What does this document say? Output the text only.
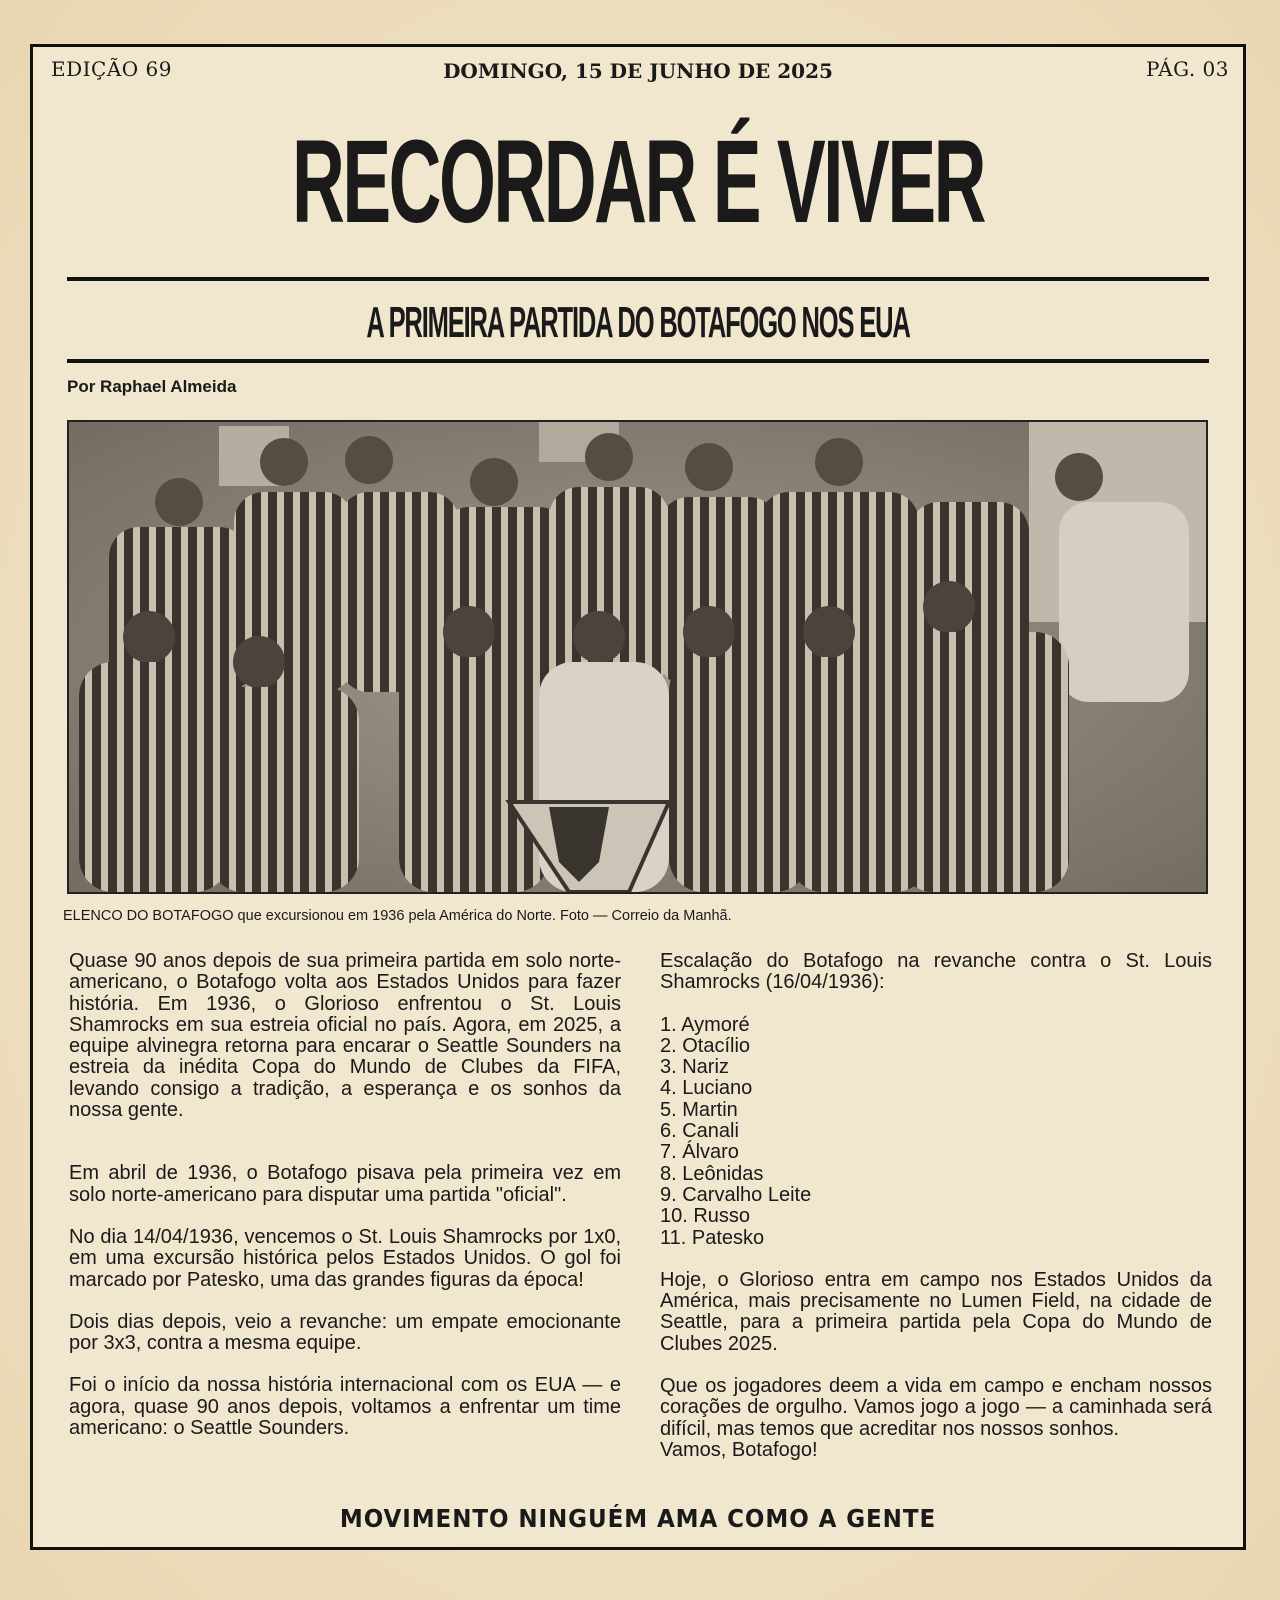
EDIÇÃO 69	DOMINGO, 15 DE JUNHO DE 2025	PÁG. 03
RECORDAR É VIVER
A PRIMEIRA PARTIDA DO BOTAFOGO NOS EUA
Por Raphael Almeida
ELENCO DO BOTAFOGO que excursionou em 1936 pela América do Norte. Foto — Correio da Manhã.

Quase 90 anos depois de sua primeira partida em solo norte-americano, o Botafogo volta aos Estados Unidos para fazer história. Em 1936, o Glorioso enfrentou o St. Louis Shamrocks em sua estreia oficial no país. Agora, em 2025, a equipe alvinegra retorna para encarar o Seattle Sounders na estreia da inédita Copa do Mundo de Clubes da FIFA, levando consigo a tradição, a esperança e os sonhos da nossa gente.

Em abril de 1936, o Botafogo pisava pela primeira vez em solo norte-americano para disputar uma partida "oficial".

No dia 14/04/1936, vencemos o St. Louis Shamrocks por 1x0, em uma excursão histórica pelos Estados Unidos. O gol foi marcado por Patesko, uma das grandes figuras da época!

Dois dias depois, veio a revanche: um empate emocionante por 3x3, contra a mesma equipe.

Foi o início da nossa história internacional com os EUA — e agora, quase 90 anos depois, voltamos a enfrentar um time americano: o Seattle Sounders.

Escalação do Botafogo na revanche contra o St. Louis Shamrocks (16/04/1936):

1. Aymoré
2. Otacílio
3. Nariz
4. Luciano
5. Martin
6. Canali
7. Álvaro
8. Leônidas
9. Carvalho Leite
10. Russo
11. Patesko

Hoje, o Glorioso entra em campo nos Estados Unidos da América, mais precisamente no Lumen Field, na cidade de Seattle, para a primeira partida pela Copa do Mundo de Clubes 2025.

Que os jogadores deem a vida em campo e encham nossos corações de orgulho. Vamos jogo a jogo — a caminhada será difícil, mas temos que acreditar nos nossos sonhos.

Vamos, Botafogo!

MOVIMENTO NINGUÉM AMA COMO A GENTE
